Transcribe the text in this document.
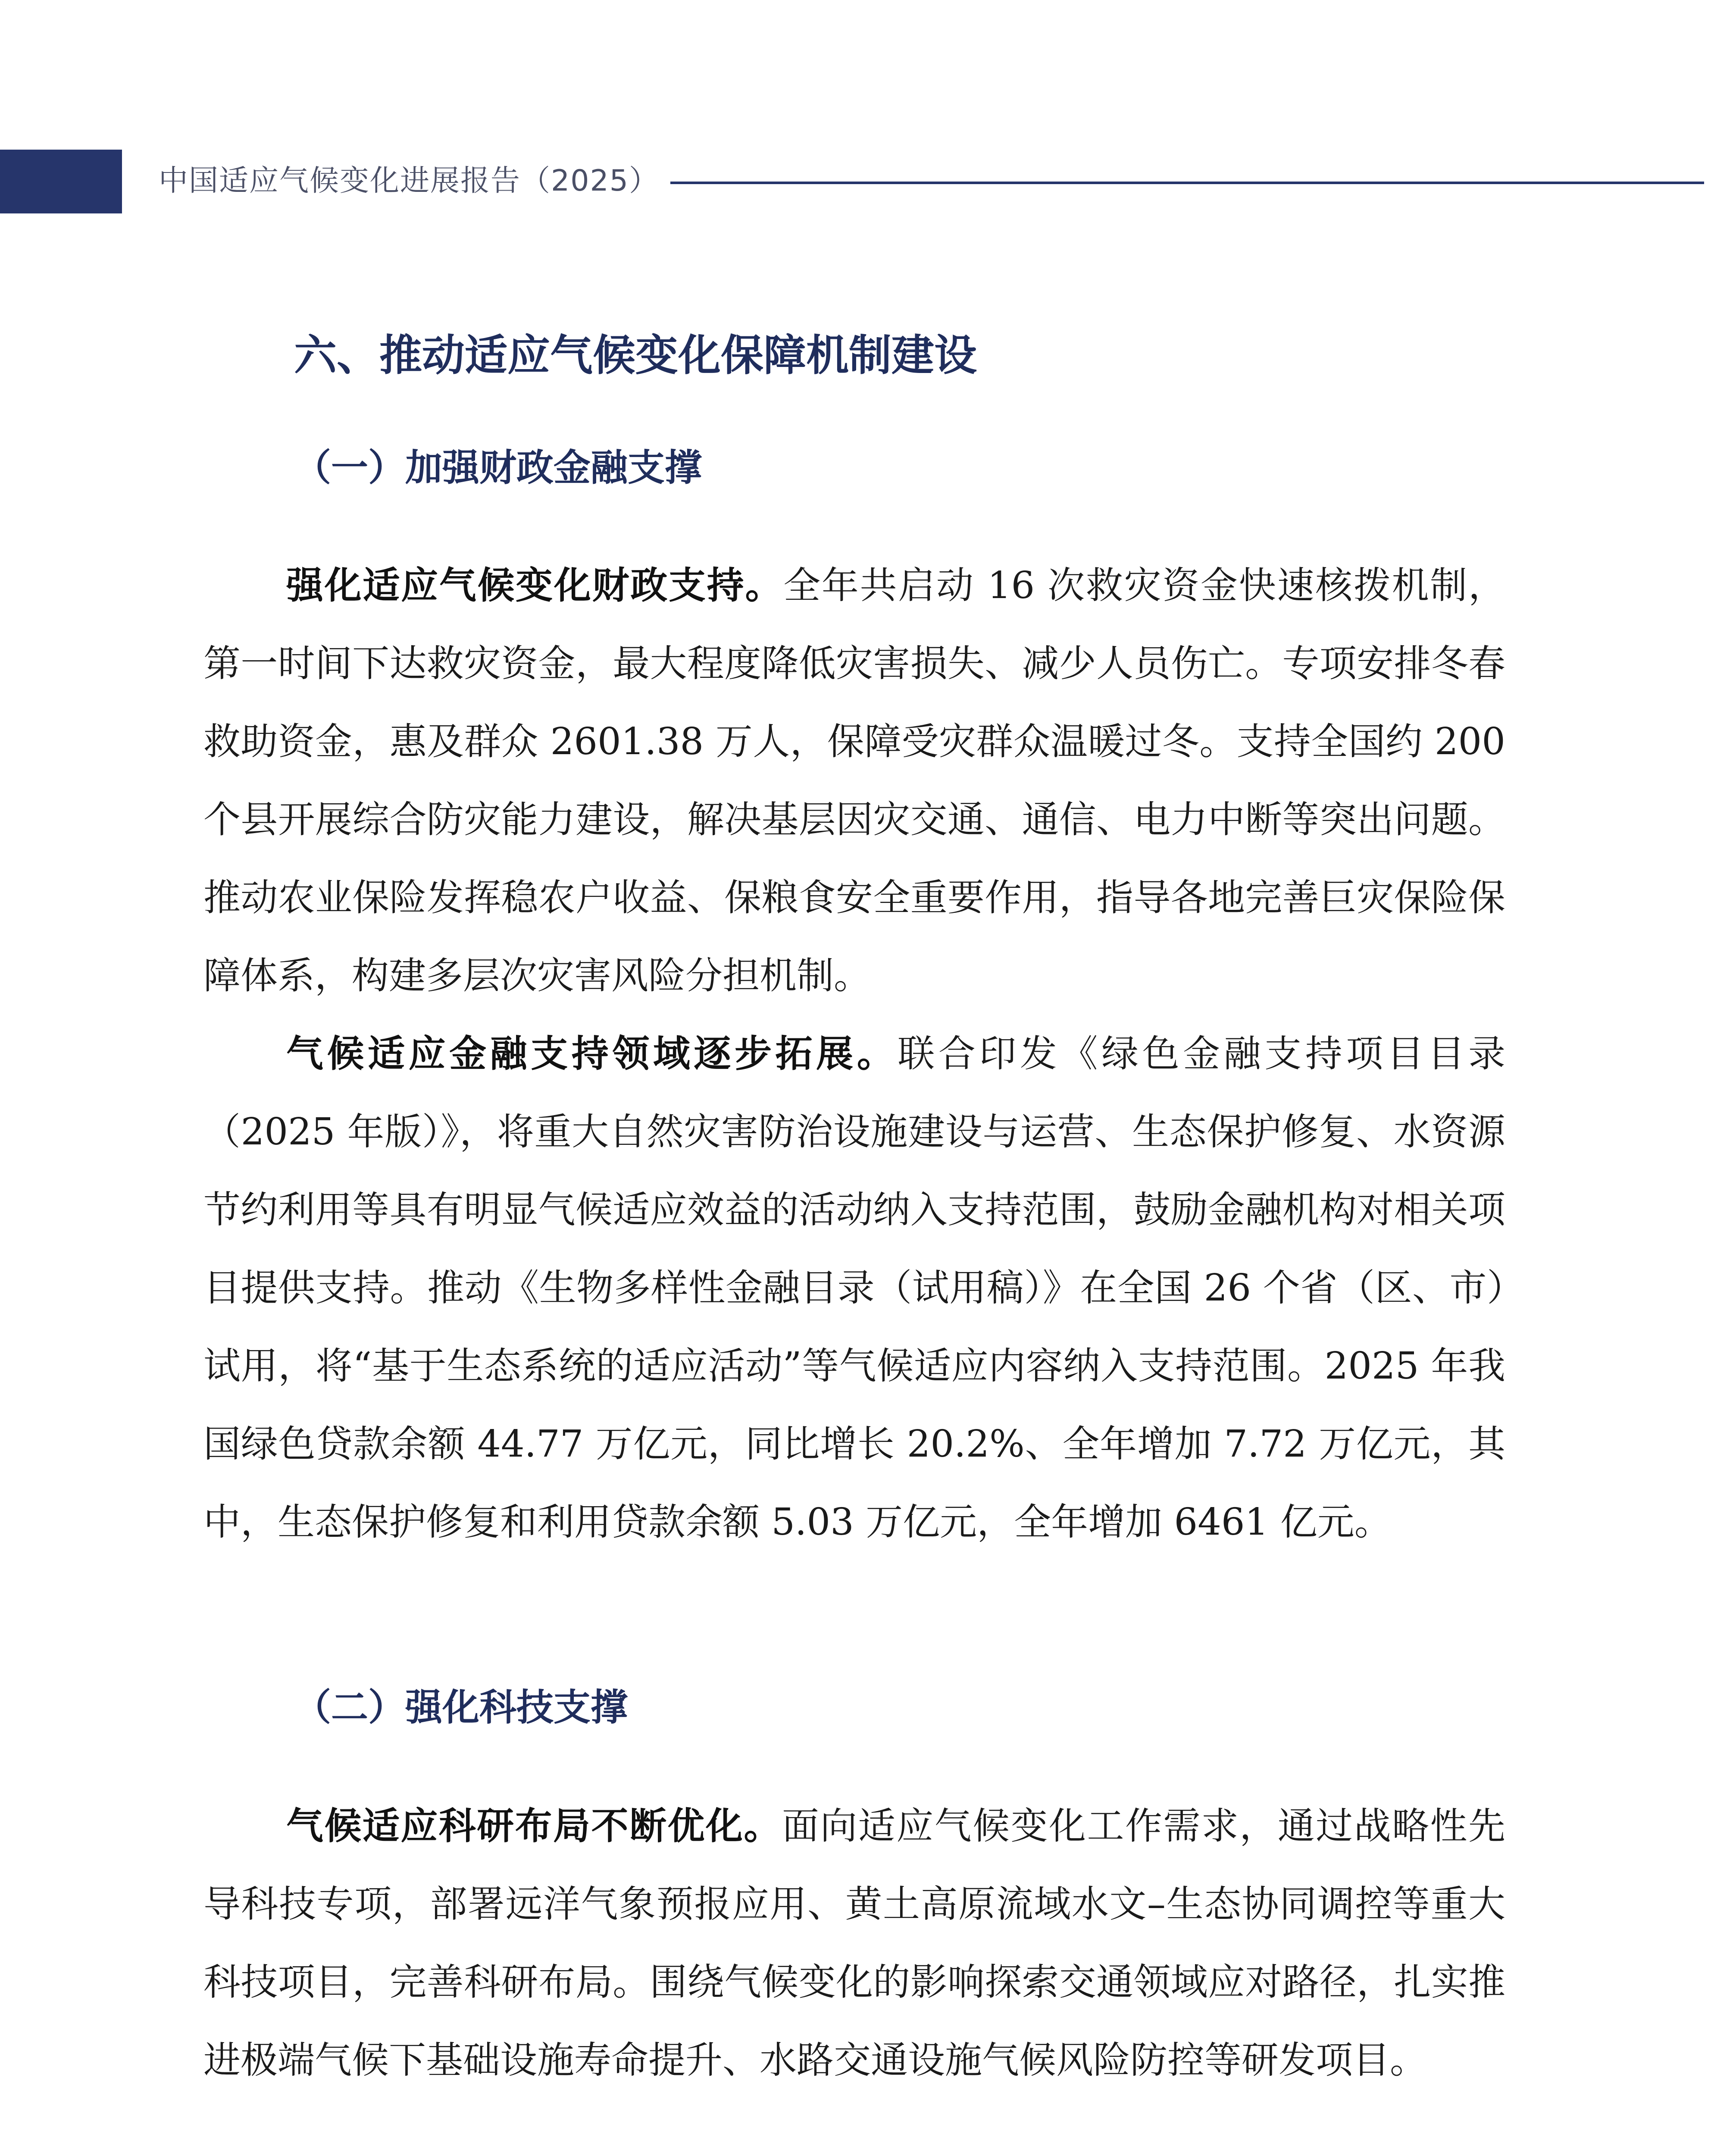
中国适应气候变化进展报告（2025）
六、推动适应气候变化保障机制建设
（一）加强财政金融支撑

强化适应气候变化财政支持。全年共启动 16 次救灾资金快速核拨机制，第一时间下达救灾资金，最大程度降低灾害损失、减少人员伤亡。专项安排冬春救助资金，惠及群众 2601.38 万人，保障受灾群众温暖过冬。支持全国约 200 个县开展综合防灾能力建设，解决基层因灾交通、通信、电力中断等突出问题。推动农业保险发挥稳农户收益、保粮食安全重要作用，指导各地完善巨灾保险保障体系，构建多层次灾害风险分担机制。

气候适应金融支持领域逐步拓展。联合印发《绿色金融支持项目目录（2025 年版）》，将重大自然灾害防治设施建设与运营、生态保护修复、水资源节约利用等具有明显气候适应效益的活动纳入支持范围，鼓励金融机构对相关项目提供支持。推动《生物多样性金融目录（试用稿）》在全国 26 个省（区、市）试用，将“基于生态系统的适应活动”等气候适应内容纳入支持范围。2025 年我国绿色贷款余额 44.77 万亿元，同比增长 20.2%、全年增加 7.72 万亿元，其中，生态保护修复和利用贷款余额 5.03 万亿元，全年增加 6461 亿元。

（二）强化科技支撑

气候适应科研布局不断优化。面向适应气候变化工作需求，通过战略性先导科技专项，部署远洋气象预报应用、黄土高原流域水文–生态协同调控等重大科技项目，完善科研布局。围绕气候变化的影响探索交通领域应对路径，扎实推进极端气候下基础设施寿命提升、水路交通设施气候风险防控等研发项目。
